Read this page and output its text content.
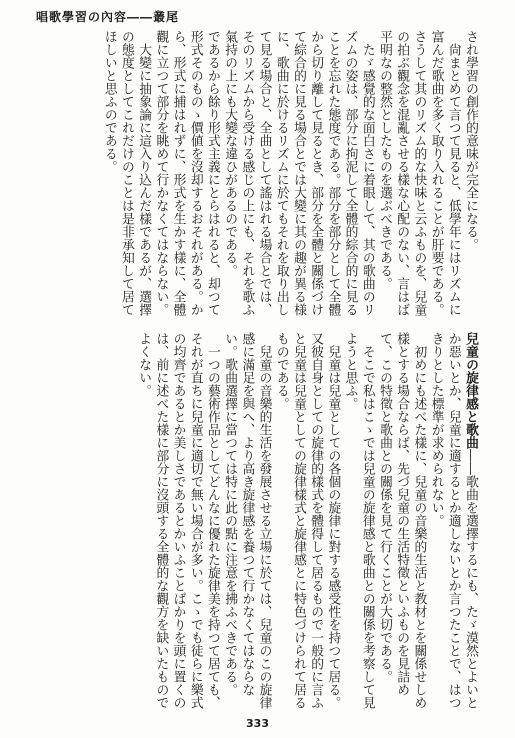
唱歌學習の內容――叢尾

され學習の創作的意味が完全になる。

尙まとめて言つて見ると、低學年にはリズムに富んだ歌曲を多く取り入れることが肝要である。さうして其のリズム的な快味と云ふものを、兒童の拍ぶ觀念を混亂させる樣な心配のない、言はば平明なの整然としたものを選ぶべきである。

たゞ感覺的な面白さに着眼して、其の歌曲のリズムの姿は、部分に拘泥して全體的綜合的に見ることを忘れた態度である。部分を部分として全體から切り離して見るとき、部分を全體と關係づけて綜合的に見る場合とでは大變に其の趣が異る様に、歌曲に於けるリズムに於てもそれを取り出して見る場合と、全曲として謠はれる場合とでは、そのリズムから受ける感じの上にも、それを歌ふ氣持の上にも大變な違ひがあるのである。

であるから餘り形式主義にとらはれると、却つて形式そのものゝ價値を沒却するおそれがある。から、形式に捕はれずに、形式を生かす樣に、全體觀に立つて部分を眺めて行かなくてはならない。

大變に抽象論に這入り込んだ樣であるが、選擇の態度としてこれだけのことは是非承知して居てほしいと思ふのである。

兒童の旋律感と歌曲――歌曲を選擇するにも、たゞ漠然とよいとか惡いとか、兒童に適するとか適しないとか言つたことで、はつきりとした標準が求められない。

初めにも述べた樣に、兒童の音樂的生活と教材とを關係せしめ樣とする場合ならば、先づ兒童の生活特徵といふものを見詰めて、この特徵と歌曲との關係を見て行くことが大切である。

そこで私はこゝでは兒童の旋律感と歌曲との關係を考察して見ようと思ふ。

兒童は兒童としての各個の旋律に對する感受性を持つて居る。又彼自身としての旋律的樣式を體得して居るもので一般的に言ふと兒童は兒童としての旋律樣式と旋律感とに特色づけられて居るものである。

兒童の音樂的生活を發展させる立場に於ては、兒童のこの旋律感に滿足を與へ、より高き旋律感を養つて行かなくてはならない。歌曲選擇に當つては特に此の點に注意を拂ふべきである。

一つの藝術作品としてどんなに優れた旋律美を持つて居ても、それが直ちに兒童に適切で無い場合が多い。こゝでも徒らに樂式の均齊であるとか美しさであるとかいふことばかりを頭に置くのは、前に述べた樣に部分に沒頭する全體的な觀方を缺いたものでよくない。

333
